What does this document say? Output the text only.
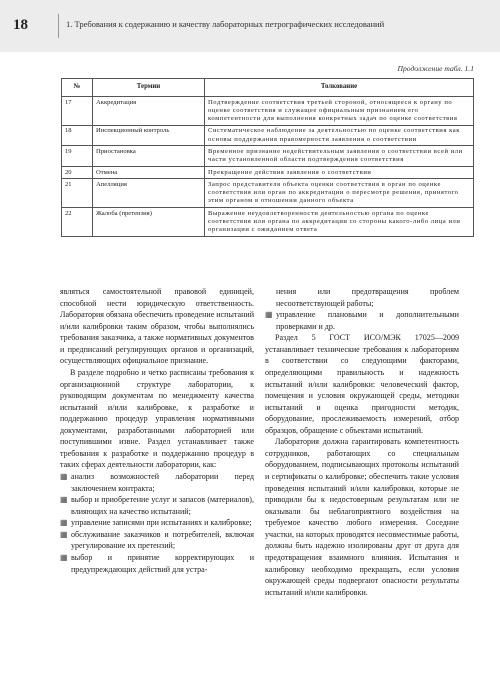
18	1. Требования к содержанию и качеству лабораторных петрографических исследований
Продолжение табл. 1.1
№	Термин	Толкование
17	Аккредитация	Подтверждение соответствия третьей стороной, относящееся к органу по оценке соответствия и служащее официальным признанием его компетентности для выполнения конкретных задач по оценке соответствия
18	Инспекционный контроль	Систематическое наблюдение за деятельностью по оценке соответствия как основы поддержания правомерности заявления о соответствии
19	Приостановка	Временное признание недействительным заявления о соответствии всей или части установленной области подтверждения соответствия
20	Отмена	Прекращение действия заявления о соответствии
21	Апелляция	Запрос представителя объекта оценки соответствия в орган по оценке соответствия или орган по аккредитации о пересмотре решения, принятого этим органом в отношении данного объекта
22	Жалоба (претензия)	Выражение неудовлетворенности деятельностью органа по оценке соответствия или органа по аккредитации со стороны какого-либо лица или организации с ожиданием ответа

являться самостоятельной правовой единицей, способной нести юридическую ответственность. Лаборатория обязана обеспечить проведение испытаний и/или калибровки таким образом, чтобы выполнялись требования заказчика, а также нормативных документов и предписаний регулирующих органов и организаций, осуществляющих официальное признание.

В разделе подробно и четко расписаны требования к организационной структуре лаборатории, к руководящим документам по менеджменту качества испытаний и/или калибровке, к разработке и поддержанию процедур управления нормативными документами, разработанными лабораторией или поступившими извне. Раздел устанавливает также требования к разработке и поддержанию процедур в таких сферах деятельности лаборатории, как:

▦ анализ возможностей лаборатории перед заключением контракта;
▦ выбор и приобретение услуг и запасов (материалов), влияющих на качество испытаний;
▦ управление записями при испытаниях и калибровке;
▦ обслуживание заказчиков и потребителей, включая урегулирование их претензий;
▦ выбор и принятие корректирующих и предупреждающих действий для устра-
нения или предотвращения проблем несоответствующей работы;
▦ управление плановыми и дополнительными проверками и др.

Раздел 5 ГОСТ ИСО/МЭК 17025—2009 устанавливает технические требования к лабораториям в соответствии со следующими факторами, определяющими правильность и надежность испытаний и/или калибровки: человеческий фактор, помещения и условия окружающей среды, методики испытаний и оценка пригодности методик, оборудование, прослеживаемость измерений, отбор образцов, обращение с объектами испытаний.

Лаборатория должна гарантировать компетентность сотрудников, работающих со специальным оборудованием, подписывающих протоколы испытаний и сертификаты о калибровке; обеспечить такие условия проведения испытаний и/или калибровки, которые не приводили бы к недостоверным результатам или не оказывали бы неблагоприятного воздействия на требуемое качество любого измерения. Соседние участки, на которых проводятся несовместимые работы, должны быть надежно изолированы друг от друга для предотвращения взаимного влияния. Испытания и калибровку необходимо прекращать, если условия окружающей среды подвергают опасности результаты испытаний и/или калибровки.
